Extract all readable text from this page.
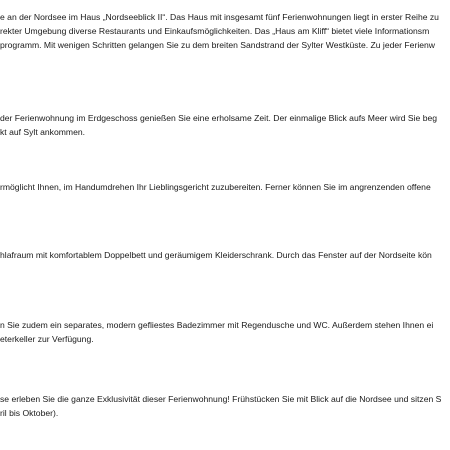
e an der Nordsee im Haus „Nordseeblick II“. Das Haus mit insgesamt fünf Ferienwohnungen liegt in erster Reihe zu
rekter Umgebung diverse Restaurants und Einkaufsmöglichkeiten. Das „Haus am Kliff“ bietet viele Informationsm
programm. Mit wenigen Schritten gelangen Sie zu dem breiten Sandstrand der Sylter Westküste. Zu jeder Ferienw

der Ferienwohnung im Erdgeschoss genießen Sie eine erholsame Zeit. Der einmalige Blick aufs Meer wird Sie beg
kt auf Sylt ankommen.

rmöglicht Ihnen, im Handumdrehen Ihr Lieblingsgericht zuzubereiten. Ferner können Sie im angrenzenden offene

hlafraum mit komfortablem Doppelbett und geräumigem Kleiderschrank. Durch das Fenster auf der Nordseite kön

n Sie zudem ein separates, modern gefliestes Badezimmer mit Regendusche und WC. Außerdem stehen Ihnen ei
eterkeller zur Verfügung.

se erleben Sie die ganze Exklusivität dieser Ferienwohnung! Frühstücken Sie mit Blick auf die Nordsee und sitzen S
ril bis Oktober).
